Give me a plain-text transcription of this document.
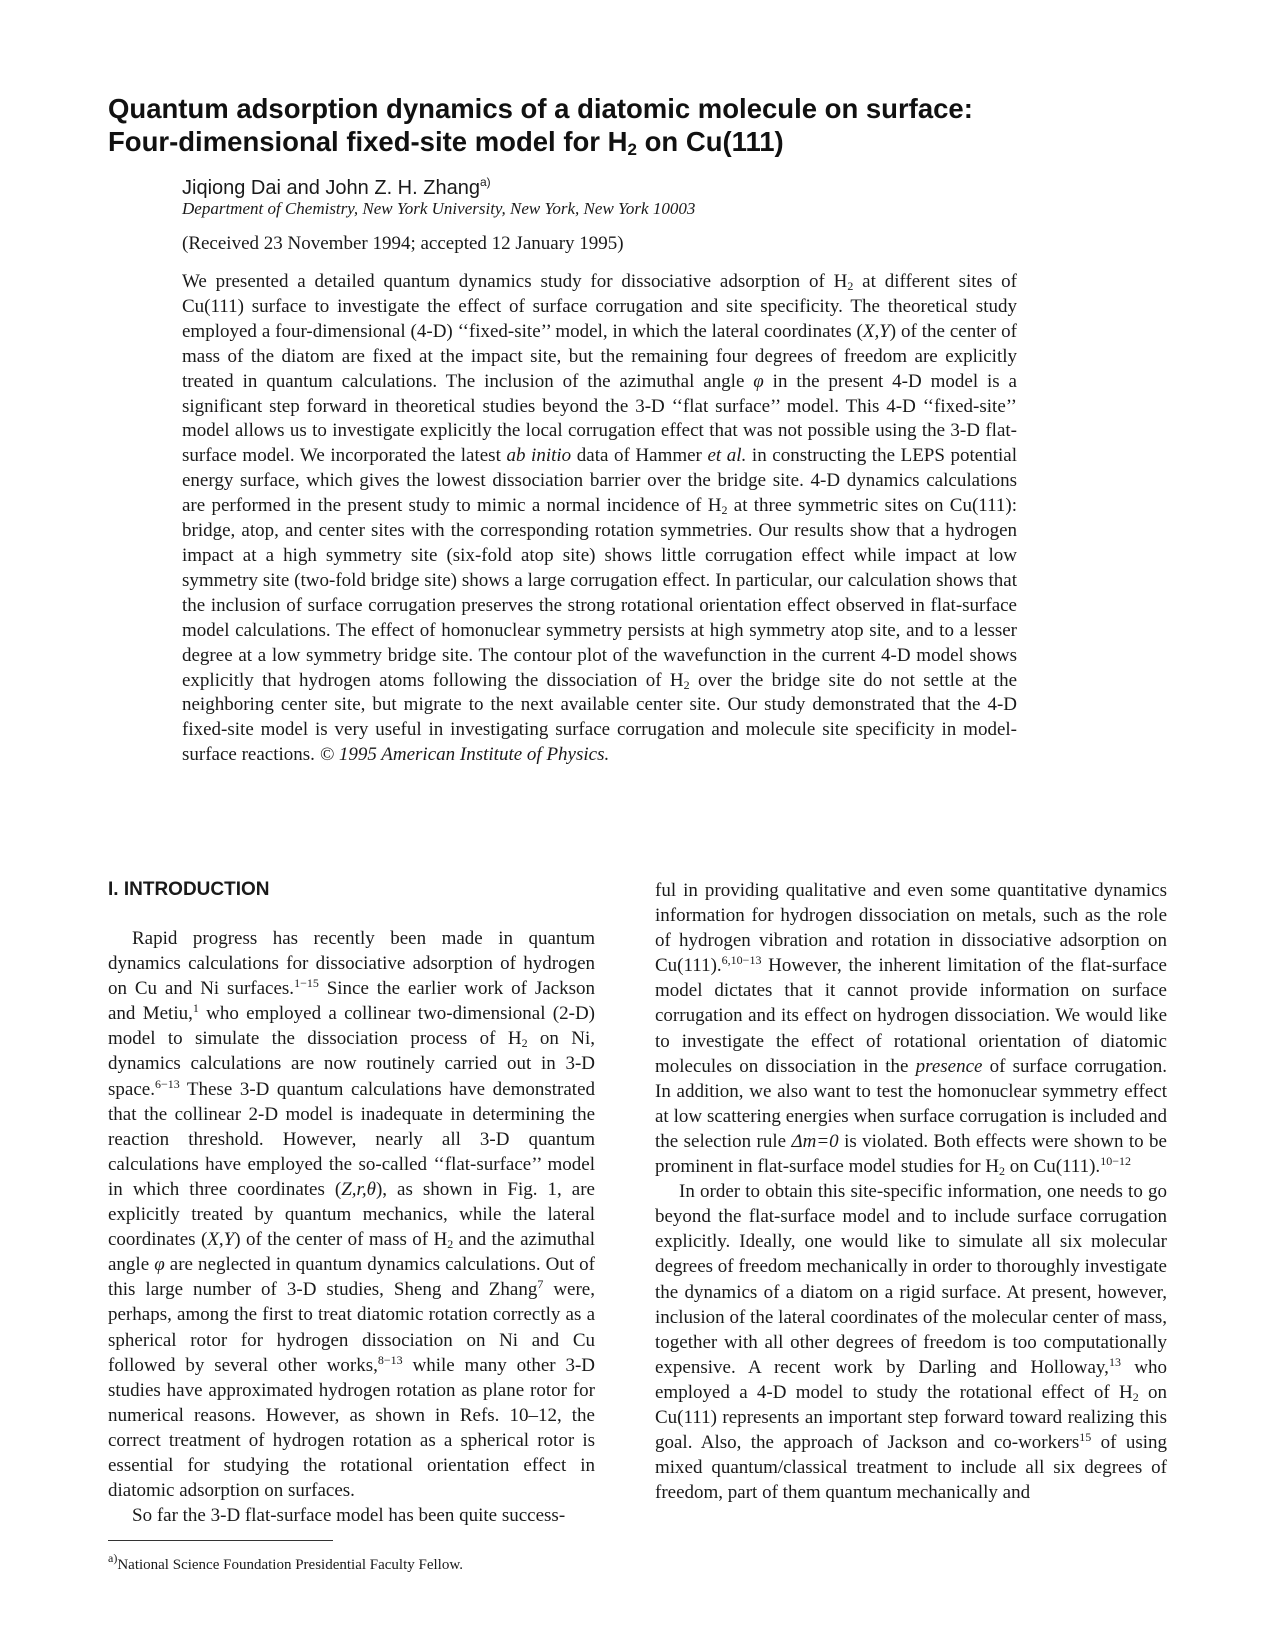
Quantum adsorption dynamics of a diatomic molecule on surface:
Four-dimensional fixed-site model for $H_2$ on Cu(111)
Jiqiong Dai and John Z. H. Zhang$^{a)}$
Department of Chemistry, New York University, New York, New York 10003
(Received 23 November 1994; accepted 12 January 1995)

We presented a detailed quantum dynamics study for dissociative adsorption of $H_2$ at different sites of Cu(111) surface to investigate the effect of surface corrugation and site specificity. The theoretical study employed a four-dimensional (4-D) ‘‘fixed-site’’ model, in which the lateral coordinates (X,Y) of the center of mass of the diatom are fixed at the impact site, but the remaining four degrees of freedom are explicitly treated in quantum calculations. The inclusion of the azimuthal angle φ in the present 4-D model is a significant step forward in theoretical studies beyond the 3-D ‘‘flat surface’’ model. This 4-D ‘‘fixed-site’’ model allows us to investigate explicitly the local corrugation effect that was not possible using the 3-D flat-surface model. We incorporated the latest ab initio data of Hammer et al. in constructing the LEPS potential energy surface, which gives the lowest dissociation barrier over the bridge site. 4-D dynamics calculations are performed in the present study to mimic a normal incidence of $H_2$ at three symmetric sites on Cu(111): bridge, atop, and center sites with the corresponding rotation symmetries. Our results show that a hydrogen impact at a high symmetry site (six-fold atop site) shows little corrugation effect while impact at low symmetry site (two-fold bridge site) shows a large corrugation effect. In particular, our calculation shows that the inclusion of surface corrugation preserves the strong rotational orientation effect observed in flat-surface model calculations. The effect of homonuclear symmetry persists at high symmetry atop site, and to a lesser degree at a low symmetry bridge site. The contour plot of the wavefunction in the current 4-D model shows explicitly that hydrogen atoms following the dissociation of $H_2$ over the bridge site do not settle at the neighboring center site, but migrate to the next available center site. Our study demonstrated that the 4-D fixed-site model is very useful in investigating surface corrugation and molecule site specificity in model-surface reactions. © 1995 American Institute of Physics.

I. INTRODUCTION

Rapid progress has recently been made in quantum dynamics calculations for dissociative adsorption of hydrogen on Cu and Ni surfaces.$^{1-15}$ Since the earlier work of Jackson and Metiu,$^1$ who employed a collinear two-dimensional (2-D) model to simulate the dissociation process of $H_2$ on Ni, dynamics calculations are now routinely carried out in 3-D space.$^{6-13}$ These 3-D quantum calculations have demonstrated that the collinear 2-D model is inadequate in determining the reaction threshold. However, nearly all 3-D quantum calculations have employed the so-called ‘‘flat-surface’’ model in which three coordinates (Z,r,θ), as shown in Fig. 1, are explicitly treated by quantum mechanics, while the lateral coordinates (X,Y) of the center of mass of $H_2$ and the azimuthal angle φ are neglected in quantum dynamics calculations. Out of this large number of 3-D studies, Sheng and Zhang$^7$ were, perhaps, among the first to treat diatomic rotation correctly as a spherical rotor for hydrogen dissociation on Ni and Cu followed by several other works,$^{8-13}$ while many other 3-D studies have approximated hydrogen rotation as plane rotor for numerical reasons. However, as shown in Refs. 10–12, the correct treatment of hydrogen rotation as a spherical rotor is essential for studying the rotational orientation effect in diatomic adsorption on surfaces.

So far the 3-D flat-surface model has been quite success-

ful in providing qualitative and even some quantitative dynamics information for hydrogen dissociation on metals, such as the role of hydrogen vibration and rotation in dissociative adsorption on Cu(111).$^{6,10-13}$ However, the inherent limitation of the flat-surface model dictates that it cannot provide information on surface corrugation and its effect on hydrogen dissociation. We would like to investigate the effect of rotational orientation of diatomic molecules on dissociation in the presence of surface corrugation. In addition, we also want to test the homonuclear symmetry effect at low scattering energies when surface corrugation is included and the selection rule Δm=0 is violated. Both effects were shown to be prominent in flat-surface model studies for $H_2$ on Cu(111).$^{10-12}$

In order to obtain this site-specific information, one needs to go beyond the flat-surface model and to include surface corrugation explicitly. Ideally, one would like to simulate all six molecular degrees of freedom mechanically in order to thoroughly investigate the dynamics of a diatom on a rigid surface. At present, however, inclusion of the lateral coordinates of the molecular center of mass, together with all other degrees of freedom is too computationally expensive. A recent work by Darling and Holloway,$^{13}$ who employed a 4-D model to study the rotational effect of $H_2$ on Cu(111) represents an important step forward toward realizing this goal. Also, the approach of Jackson and co-workers$^{15}$ of using mixed quantum/classical treatment to include all six degrees of freedom, part of them quantum mechanically and

$^{a)}$National Science Foundation Presidential Faculty Fellow.
